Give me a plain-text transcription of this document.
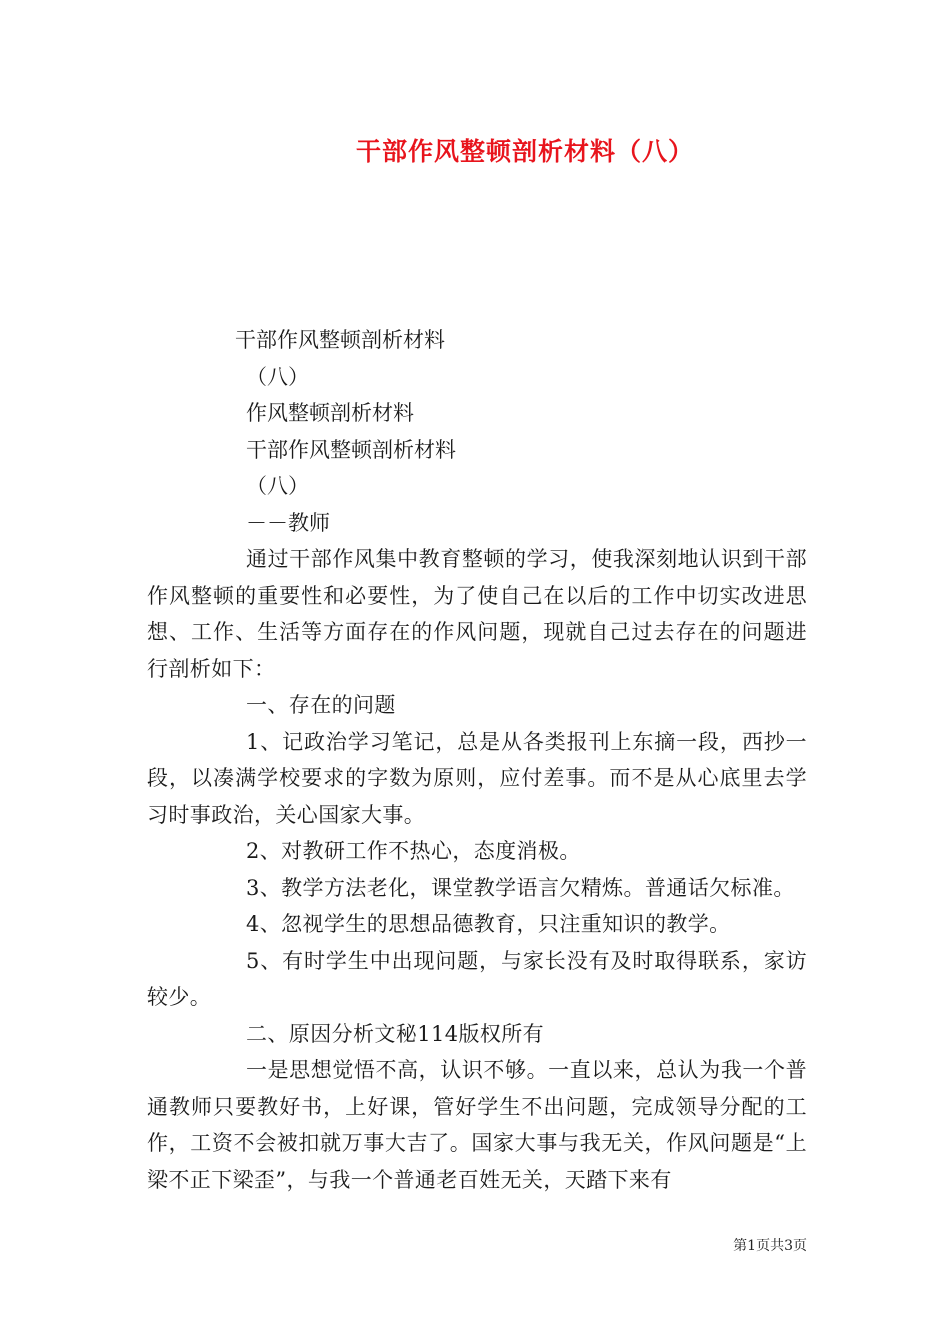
干部作风整顿剖析材料（八）
干部作风整顿剖析材料
（八）
作风整顿剖析材料
干部作风整顿剖析材料
（八）
－－教师
通过干部作风集中教育整顿的学习，使我深刻地认识到干部作风整顿的重要性和必要性，为了使自己在以后的工作中切实改进思想、工作、生活等方面存在的作风问题，现就自己过去存在的问题进行剖析如下：
一、存在的问题
1、记政治学习笔记，总是从各类报刊上东摘一段，西抄一段，以凑满学校要求的字数为原则，应付差事。而不是从心底里去学习时事政治，关心国家大事。
2、对教研工作不热心，态度消极。
3、教学方法老化，课堂教学语言欠精炼。普通话欠标准。
4、忽视学生的思想品德教育，只注重知识的教学。
5、有时学生中出现问题，与家长没有及时取得联系，家访较少。
二、原因分析文秘114版权所有
一是思想觉悟不高，认识不够。一直以来，总认为我一个普通教师只要教好书，上好课，管好学生不出问题，完成领导分配的工作，工资不会被扣就万事大吉了。国家大事与我无关，作风问题是“上梁不正下梁歪”，与我一个普通老百姓无关，天踏下来有
第1页共3页
